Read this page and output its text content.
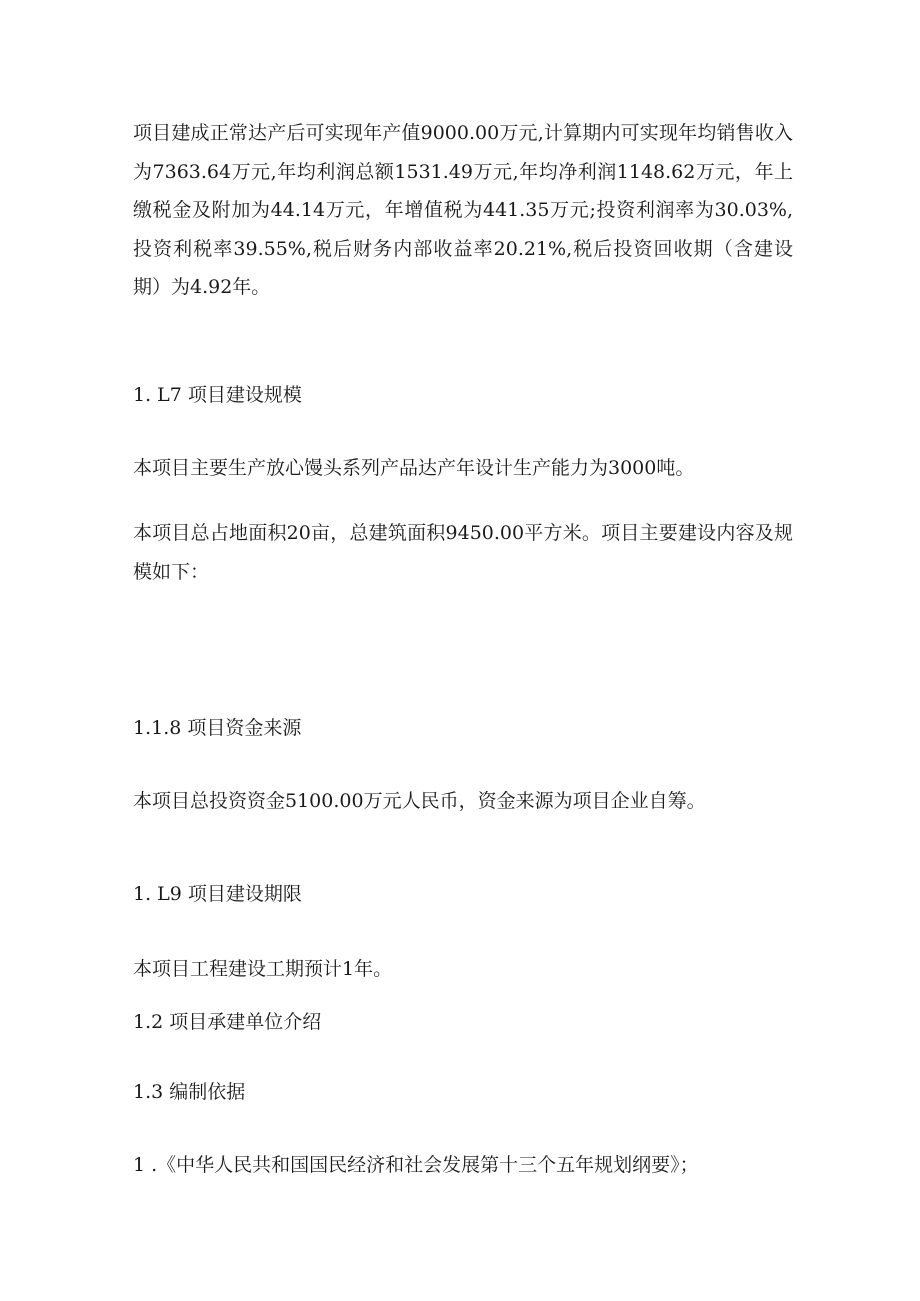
项目建成正常达产后可实现年产值9000.00万元,计算期内可实现年均销售收入为7363.64万元,年均利润总额1531.49万元,年均净利润1148.62万元，年上缴税金及附加为44.14万元，年增值税为441.35万元;投资利润率为30.03%,投资利税率39.55%,税后财务内部收益率20.21%,税后投资回收期（含建设期）为4.92年。

1. L7 项目建设规模

本项目主要生产放心馒头系列产品达产年设计生产能力为3000吨。

本项目总占地面积20亩，总建筑面积9450.00平方米。项目主要建设内容及规模如下：

1.1.8 项目资金来源

本项目总投资资金5100.00万元人民币，资金来源为项目企业自筹。

1. L9 项目建设期限

本项目工程建设工期预计1年。

1.2 项目承建单位介绍

1.3 编制依据

1 .《中华人民共和国国民经济和社会发展第十三个五年规划纲要》；
